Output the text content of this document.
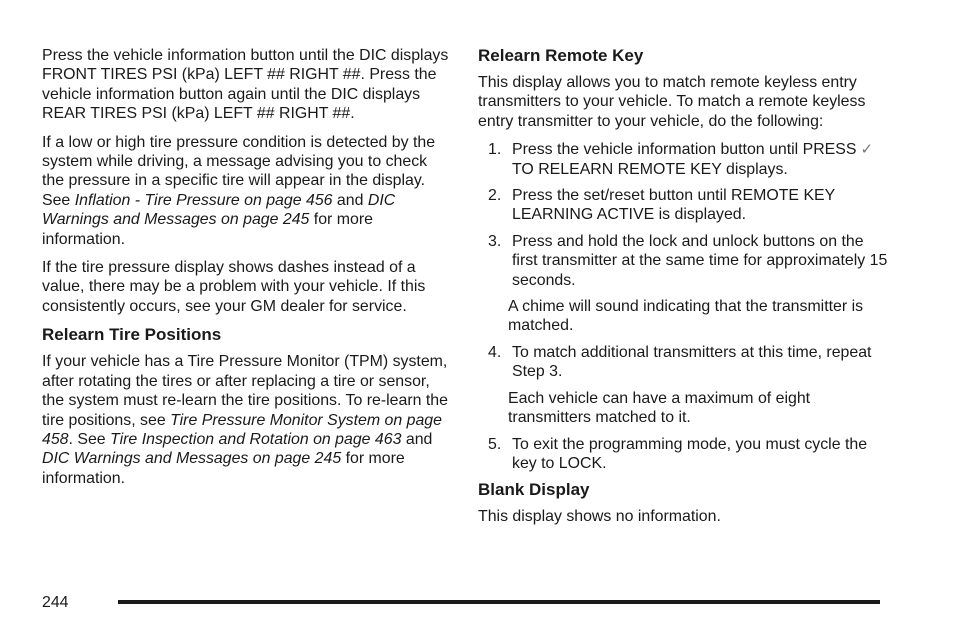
Press the vehicle information button until the DIC displays FRONT TIRES PSI (kPa) LEFT ## RIGHT ##. Press the vehicle information button again until the DIC displays REAR TIRES PSI (kPa) LEFT ## RIGHT ##.

If a low or high tire pressure condition is detected by the system while driving, a message advising you to check the pressure in a specific tire will appear in the display. See Inflation - Tire Pressure on page 456 and DIC Warnings and Messages on page 245 for more information.

If the tire pressure display shows dashes instead of a value, there may be a problem with your vehicle. If this consistently occurs, see your GM dealer for service.

Relearn Tire Positions

If your vehicle has a Tire Pressure Monitor (TPM) system, after rotating the tires or after replacing a tire or sensor, the system must re-learn the tire positions. To re-learn the tire positions, see Tire Pressure Monitor System on page 458. See Tire Inspection and Rotation on page 463 and DIC Warnings and Messages on page 245 for more information.

Relearn Remote Key

This display allows you to match remote keyless entry transmitters to your vehicle. To match a remote keyless entry transmitter to your vehicle, do the following:

1. Press the vehicle information button until PRESS ✓TO RELEARN REMOTE KEY displays.
2. Press the set/reset button until REMOTE KEY LEARNING ACTIVE is displayed.
3. Press and hold the lock and unlock buttons on the first transmitter at the same time for approximately 15 seconds.

A chime will sound indicating that the transmitter is matched.

4. To match additional transmitters at this time, repeat Step 3.

Each vehicle can have a maximum of eight transmitters matched to it.

5. To exit the programming mode, you must cycle the key to LOCK.
Blank Display

This display shows no information.

244
